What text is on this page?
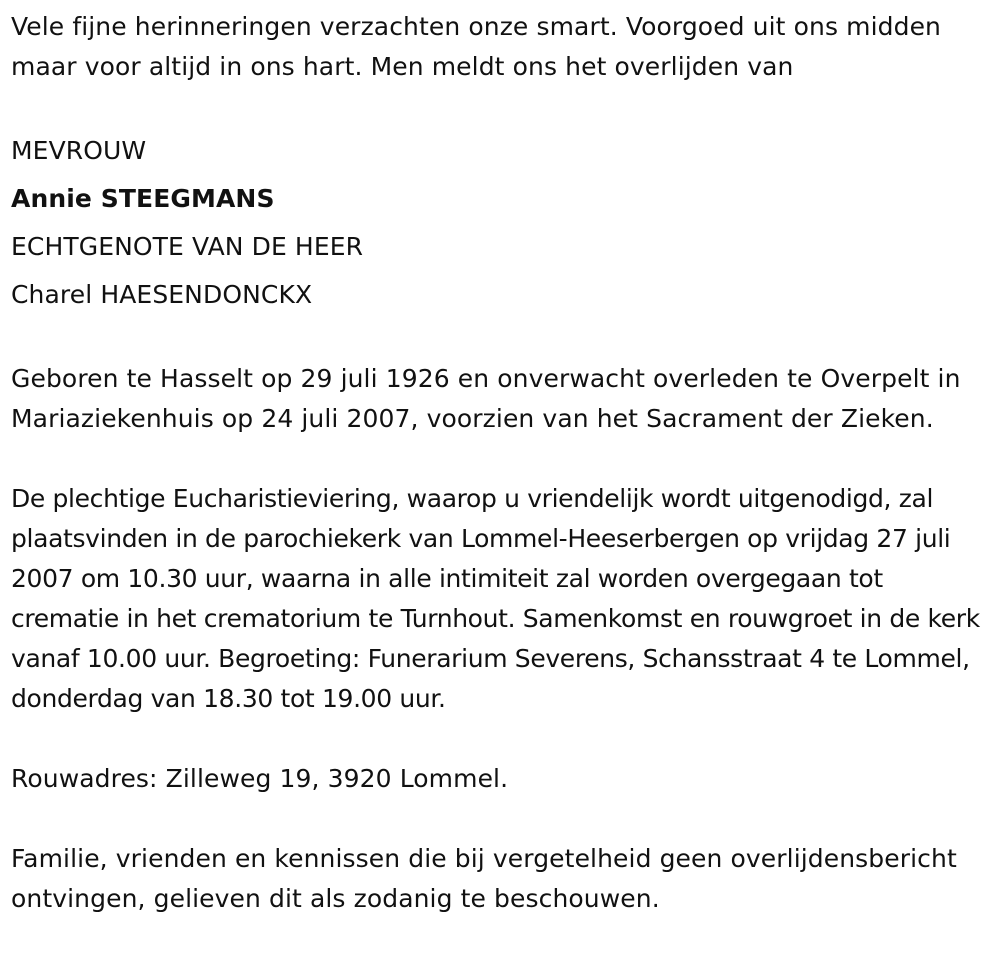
Vele fijne herinneringen verzachten onze smart. Voorgoed uit ons midden maar voor altijd in ons hart. Men meldt ons het overlijden van

MEVROUW

Annie STEEGMANS

ECHTGENOTE VAN DE HEER

Charel HAESENDONCKX

Geboren te Hasselt op 29 juli 1926 en onverwacht overleden te Overpelt in Mariaziekenhuis op 24 juli 2007, voorzien van het Sacrament der Zieken.

De plechtige Eucharistieviering, waarop u vriendelijk wordt uitgenodigd, zal plaatsvinden in de parochiekerk van Lommel-Heeserbergen op vrijdag 27 juli 2007 om 10.30 uur, waarna in alle intimiteit zal worden overgegaan tot crematie in het crematorium te Turnhout. Samenkomst en rouwgroet in de kerk vanaf 10.00 uur. Begroeting: Funerarium Severens, Schansstraat 4 te Lommel, donderdag van 18.30 tot 19.00 uur.

Rouwadres: Zilleweg 19, 3920 Lommel.

Familie, vrienden en kennissen die bij vergetelheid geen overlijdensbericht ontvingen, gelieven dit als zodanig te beschouwen.
